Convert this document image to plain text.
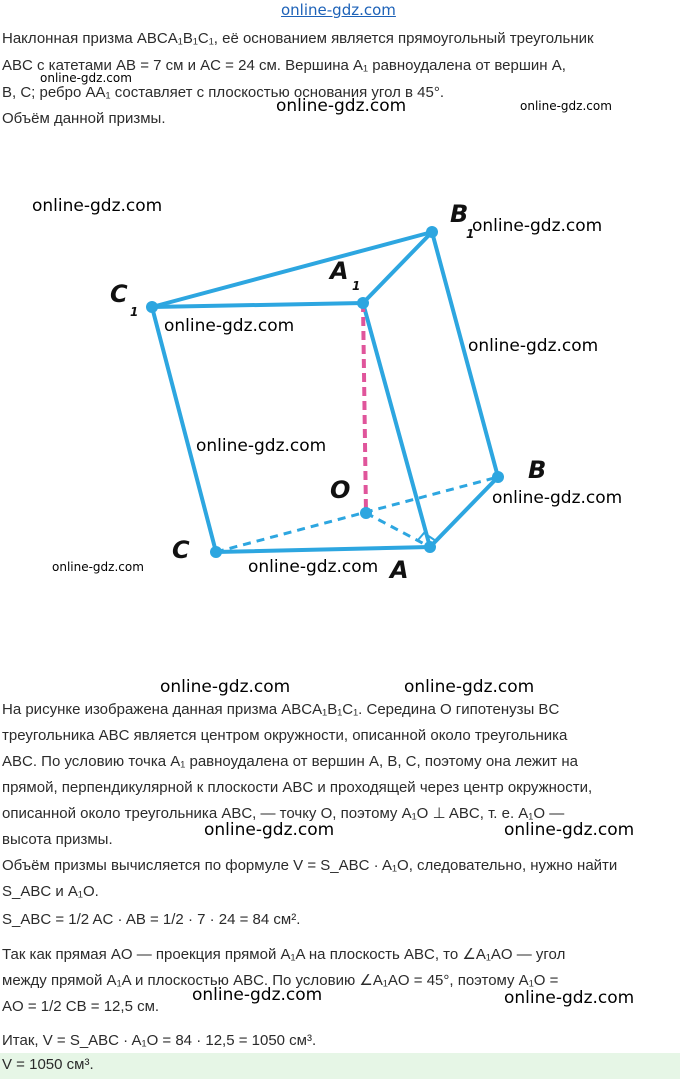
online-gdz.com
Наклонная призма ABCA₁B₁C₁, её основанием является прямоугольный треугольник
ABC с катетами AB = 7 см и AC = 24 см. Вершина A₁ равноудалена от вершин A,
B, C; ребро AA₁ составляет с плоскостью основания угол в 45°.
Объём данной призмы.
B
1
A
1
C
1
B
O
C
A
online-gdz.com
online-gdz.com	online-gdz.com
online-gdz.com
online-gdz.com
online-gdz.com
online-gdz.com
online-gdz.com
online-gdz.com
online-gdz.com	online-gdz.com
online-gdz.com	online-gdz.com
На рисунке изображена данная призма ABCA₁B₁C₁. Середина O гипотенузы BC
треугольника ABC является центром окружности, описанной около треугольника
ABC. По условию точка A₁ равноудалена от вершин A, B, C, поэтому она лежит на
прямой, перпендикулярной к плоскости ABC и проходящей через центр окружности,
описанной около треугольника ABC, — точку O, поэтому A₁O ⊥ ABC, т. е. A₁O —
высота призмы.
Объём призмы вычисляется по формуле V = S_ABC · A₁O, следовательно, нужно найти
S_ABC и A₁O.
S_ABC = 1/2 AC · AB = 1/2 · 7 · 24 = 84 см².
Так как прямая AO — проекция прямой A₁A на плоскость ABC, то ∠A₁AO — угол
между прямой A₁A и плоскостью ABC. По условию ∠A₁AO = 45°, поэтому A₁O =
AO = 1/2 CB = 12,5 см.
Итак, V = S_ABC · A₁O = 84 · 12,5 = 1050 см³.
V = 1050 см³.
online-gdz.com	online-gdz.com
online-gdz.com	online-gdz.com
